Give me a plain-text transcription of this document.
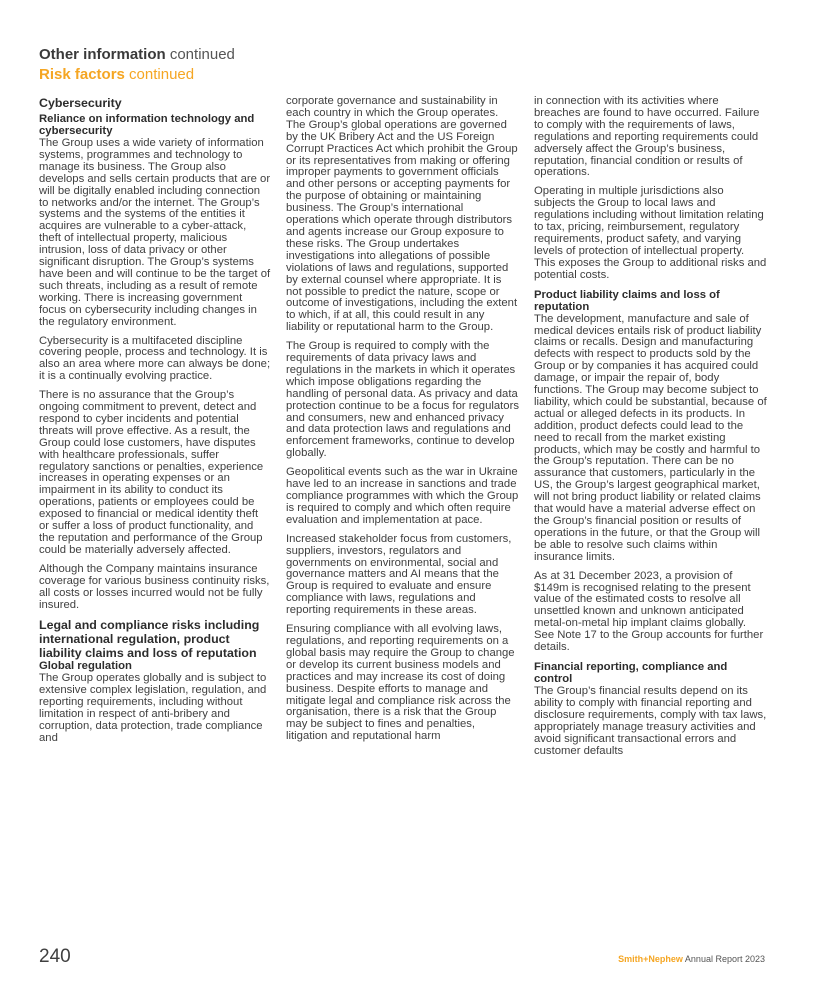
Other information continued
Risk factors continued
Cybersecurity
Reliance on information technology and cybersecurity

The Group uses a wide variety of information systems, programmes and technology to manage its business. The Group also develops and sells certain products that are or will be digitally enabled including connection to networks and/or the internet. The Group’s systems and the systems of the entities it acquires are vulnerable to a cyber-attack, theft of intellectual property, malicious intrusion, loss of data privacy or other significant disruption. The Group’s systems have been and will continue to be the target of such threats, including as a result of remote working. There is increasing government focus on cybersecurity including changes in the regulatory environment.

Cybersecurity is a multifaceted discipline covering people, process and technology. It is also an area where more can always be done; it is a continually evolving practice.

There is no assurance that the Group’s ongoing commitment to prevent, detect and respond to cyber incidents and potential threats will prove effective. As a result, the Group could lose customers, have disputes with healthcare professionals, suffer regulatory sanctions or penalties, experience increases in operating expenses or an impairment in its ability to conduct its operations, patients or employees could be exposed to financial or medical identity theft or suffer a loss of product functionality, and the reputation and performance of the Group could be materially adversely affected.

Although the Company maintains insurance coverage for various business continuity risks, all costs or losses incurred would not be fully insured.

Legal and compliance risks including international regulation, product liability claims and loss of reputation
Global regulation

The Group operates globally and is subject to extensive complex legislation, regulation, and reporting requirements, including without limitation in respect of anti-bribery and corruption, data protection, trade compliance and

corporate governance and sustainability in each country in which the Group operates. The Group’s global operations are governed by the UK Bribery Act and the US Foreign Corrupt Practices Act which prohibit the Group or its representatives from making or offering improper payments to government officials and other persons or accepting payments for the purpose of obtaining or maintaining business. The Group’s international operations which operate through distributors and agents increase our Group exposure to these risks. The Group undertakes investigations into allegations of possible violations of laws and regulations, supported by external counsel where appropriate. It is not possible to predict the nature, scope or outcome of investigations, including the extent to which, if at all, this could result in any liability or reputational harm to the Group.

The Group is required to comply with the requirements of data privacy laws and regulations in the markets in which it operates which impose obligations regarding the handling of personal data. As privacy and data protection continue to be a focus for regulators and consumers, new and enhanced privacy and data protection laws and regulations and enforcement frameworks, continue to develop globally.

Geopolitical events such as the war in Ukraine have led to an increase in sanctions and trade compliance programmes with which the Group is required to comply and which often require evaluation and implementation at pace.

Increased stakeholder focus from customers, suppliers, investors, regulators and governments on environmental, social and governance matters and AI means that the Group is required to evaluate and ensure compliance with laws, regulations and reporting requirements in these areas.

Ensuring compliance with all evolving laws, regulations, and reporting requirements on a global basis may require the Group to change or develop its current business models and practices and may increase its cost of doing business. Despite efforts to manage and mitigate legal and compliance risk across the organisation, there is a risk that the Group may be subject to fines and penalties, litigation and reputational harm

in connection with its activities where breaches are found to have occurred. Failure to comply with the requirements of laws, regulations and reporting requirements could adversely affect the Group’s business, reputation, financial condition or results of operations.

Operating in multiple jurisdictions also subjects the Group to local laws and regulations including without limitation relating to tax, pricing, reimbursement, regulatory requirements, product safety, and varying levels of protection of intellectual property. This exposes the Group to additional risks and potential costs.

Product liability claims and loss of reputation

The development, manufacture and sale of medical devices entails risk of product liability claims or recalls. Design and manufacturing defects with respect to products sold by the Group or by companies it has acquired could damage, or impair the repair of, body functions. The Group may become subject to liability, which could be substantial, because of actual or alleged defects in its products. In addition, product defects could lead to the need to recall from the market existing products, which may be costly and harmful to the Group’s reputation. There can be no assurance that customers, particularly in the US, the Group’s largest geographical market, will not bring product liability or related claims that would have a material adverse effect on the Group’s financial position or results of operations in the future, or that the Group will be able to resolve such claims within insurance limits.

As at 31 December 2023, a provision of $149m is recognised relating to the present value of the estimated costs to resolve all unsettled known and unknown anticipated metal-on-metal hip implant claims globally. See Note 17 to the Group accounts for further details.

Financial reporting, compliance and control

The Group’s financial results depend on its ability to comply with financial reporting and disclosure requirements, comply with tax laws, appropriately manage treasury activities and avoid significant transactional errors and customer defaults

240	Smith+Nephew Annual Report 2023
